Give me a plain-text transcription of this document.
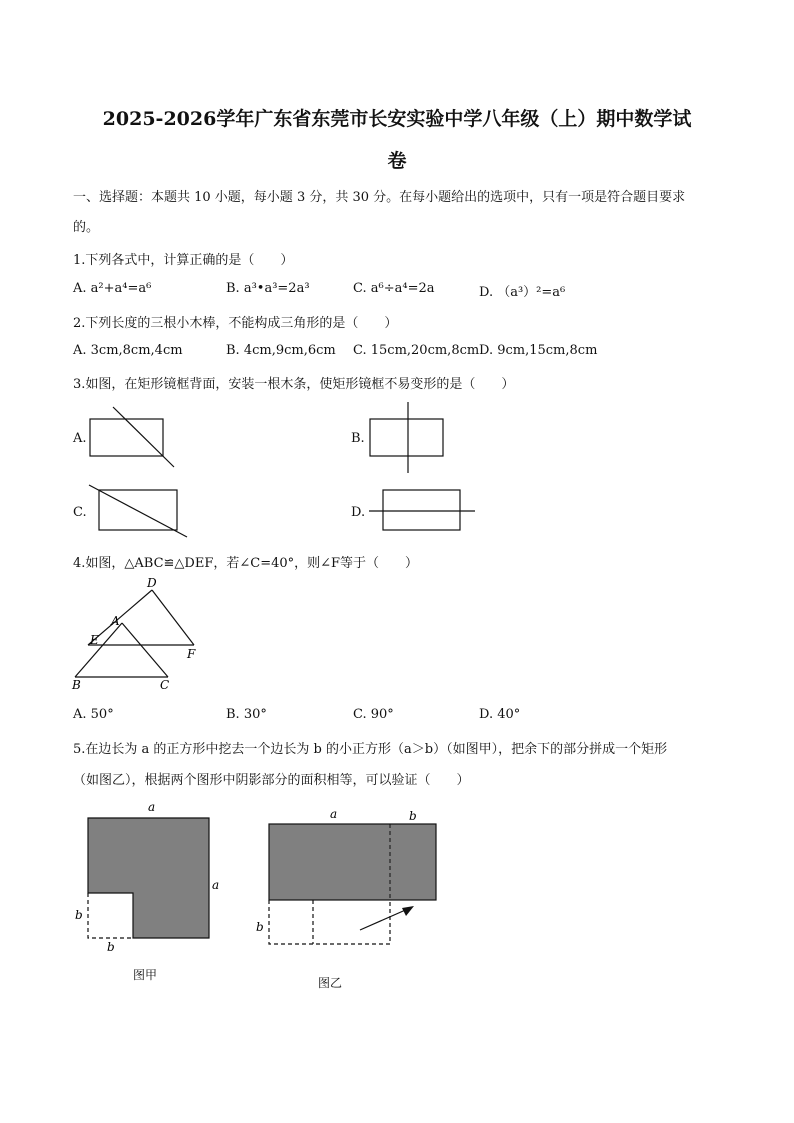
2025-2026学年广东省东莞市长安实验中学八年级（上）期中数学试
卷
一、选择题：本题共 10 小题，每小题 3 分，共 30 分。在每小题给出的选项中，只有一项是符合题目要求
的。
1.下列各式中，计算正确的是（　　）
A. a²+a⁴=a⁶	B. a³•a³=2a³	C. a⁶÷a⁴=2a	D. （a³）²=a⁶
2.下列长度的三根小木棒，不能构成三角形的是（　　）
A. 3cm,8cm,4cm	B. 4cm,9cm,6cm C. 15cm,20cm,8cm D. 9cm,15cm,8cm
3.如图，在矩形镜框背面，安装一根木条，使矩形镜框不易变形的是（　　）
A.	B.
C.	D.
4.如图，△ABC≌△DEF，若∠C=40°，则∠F等于（　　）
D
A
E
F
B	C
A. 50°	B. 30°	C. 90°	D. 40°
5.在边长为 a 的正方形中挖去一个边长为 b 的小正方形（a＞b）（如图甲），把余下的部分拼成一个矩形
（如图乙），根据两个图形中阴影部分的面积相等，可以验证（　　）
a
a
b
b
图甲
a	b
b
图乙
